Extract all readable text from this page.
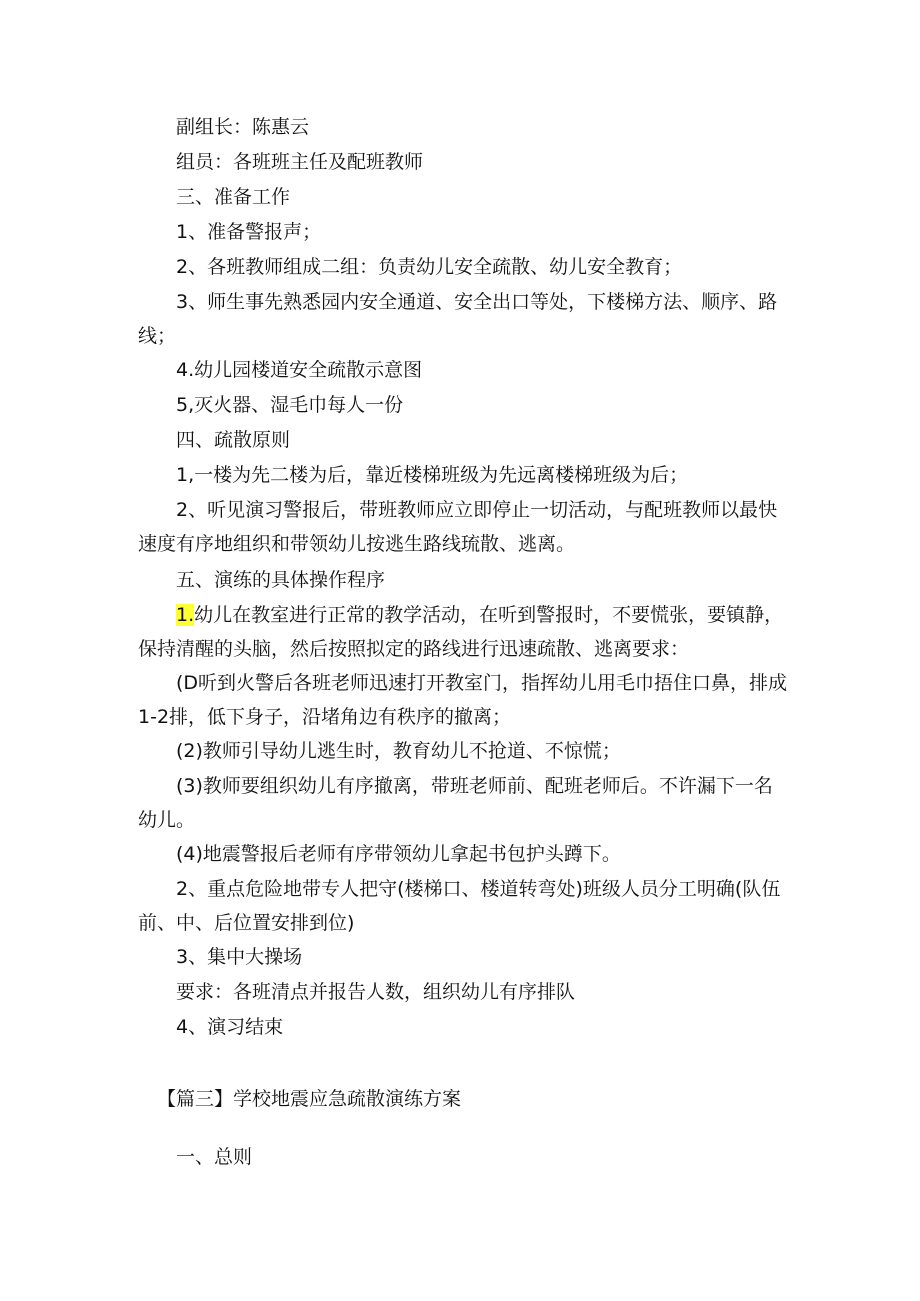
副组长：陈惠云

组员：各班班主任及配班教师

三、准备工作

1、准备警报声；

2、各班教师组成二组：负责幼儿安全疏散、幼儿安全教育；

3、师生事先熟悉园内安全通道、安全出口等处，下楼梯方法、顺序、路线；

4.幼儿园楼道安全疏散示意图

5,灭火器、湿毛巾每人一份

四、疏散原则

1,一楼为先二楼为后，靠近楼梯班级为先远离楼梯班级为后；

2、听见演习警报后，带班教师应立即停止一切活动，与配班教师以最快速度有序地组织和带领幼儿按逃生路线琉散、逃离。

五、演练的具体操作程序

1.幼儿在教室进行正常的教学活动，在听到警报时，不要慌张，要镇静，保持清醒的头脑，然后按照拟定的路线进行迅速疏散、逃离要求：

(D听到火警后各班老师迅速打开教室门，指挥幼儿用毛巾捂住口鼻，排成1-2排，低下身子，沿堵角边有秩序的撤离；

(2)教师引导幼儿逃生时，教育幼儿不抢道、不惊慌；

(3)教师要组织幼儿有序撤离，带班老师前、配班老师后。不许漏下一名幼儿。

(4)地震警报后老师有序带领幼儿拿起书包护头蹲下。

2、重点危险地带专人把守(楼梯口、楼道转弯处)班级人员分工明确(队伍前、中、后位置安排到位)

3、集中大操场

要求：各班清点并报告人数，组织幼儿有序排队

4、演习结束

【篇三】学校地震应急疏散演练方案

一、总则
